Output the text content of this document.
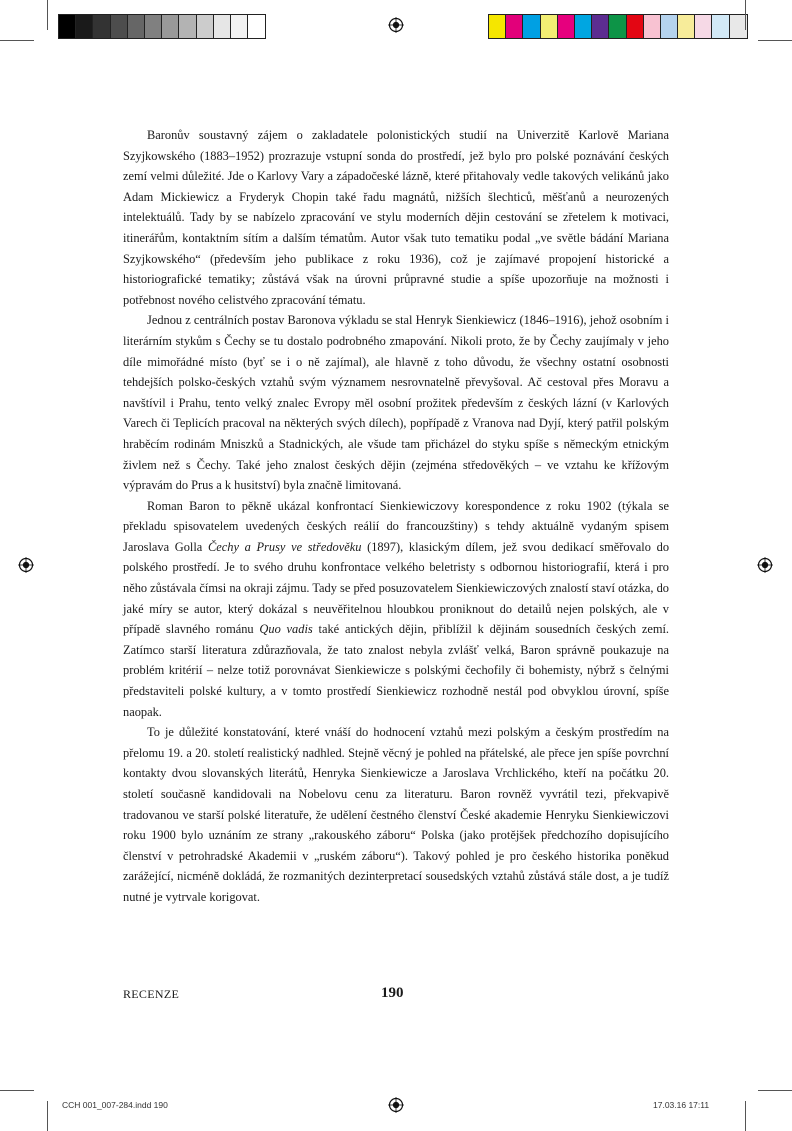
Baronův soustavný zájem o zakladatele polonistických studií na Univerzitě Karlově Mariana Szyjkowského (1883–1952) prozrazuje vstupní sonda do prostředí, jež bylo pro polské poznávání českých zemí velmi důležité. Jde o Karlovy Vary a západočeské lázně, které přitahovaly vedle takových velikánů jako Adam Mickiewicz a Fryderyk Chopin také řadu magnátů, nižších šlechticů, měšťanů a neurozených intelektuálů. Tady by se nabízelo zpracování ve stylu moderních dějin cestování se zřetelem k motivaci, itinerářům, kontaktním sítím a dalším tématům. Autor však tuto tematiku podal „ve světle bádání Mariana Szyjkowského“ (především jeho publikace z roku 1936), což je zajímavé propojení historické a historiografické tematiky; zůstává však na úrovni průpravné studie a spíše upozorňuje na možnosti i potřebnost nového celistvého zpracování tématu.

Jednou z centrálních postav Baronova výkladu se stal Henryk Sienkiewicz (1846–1916), jehož osobním i literárním stykům s Čechy se tu dostalo podrobného zmapování. Nikoli proto, že by Čechy zaujímaly v jeho díle mimořádné místo (byť se i o ně zajímal), ale hlavně z toho důvodu, že všechny ostatní osobnosti tehdejších polsko-českých vztahů svým významem nesrovnatelně převyšoval. Ač cestoval přes Moravu a navštívil i Prahu, tento velký znalec Evropy měl osobní prožitek především z českých lázní (v Karlových Varech či Teplicích pracoval na některých svých dílech), popřípadě z Vranova nad Dyjí, který patřil polským hraběcím rodinám Mniszků a Stadnických, ale všude tam přicházel do styku spíše s německým etnickým živlem než s Čechy. Také jeho znalost českých dějin (zejména středověkých – ve vztahu ke křížovým výpravám do Prus a k husitství) byla značně limitovaná.

Roman Baron to pěkně ukázal konfrontací Sienkiewiczovy korespondence z roku 1902 (týkala se překladu spisovatelem uvedených českých reálií do francouzštiny) s tehdy aktuálně vydaným spisem Jaroslava Golla Čechy a Prusy ve středověku (1897), klasickým dílem, jež svou dedikací směřovalo do polského prostředí. Je to svého druhu konfrontace velkého beletristy s odbornou historiografií, která i pro něho zůstávala čímsi na okraji zájmu. Tady se před posuzovatelem Sienkiewiczových znalostí staví otázka, do jaké míry se autor, který dokázal s neuvěřitelnou hloubkou proniknout do detailů nejen polských, ale v případě slavného románu Quo vadis také antických dějin, přiblížil k dějinám sousedních českých zemí. Zatímco starší literatura zdůrazňovala, že tato znalost nebyla zvlášť velká, Baron správně poukazuje na problém kritérií – nelze totiž porovnávat Sienkiewicze s polskými čechofily či bohemisty, nýbrž s čelnými představiteli polské kultury, a v tomto prostředí Sienkiewicz rozhodně nestál pod obvyklou úrovní, spíše naopak.

To je důležité konstatování, které vnáší do hodnocení vztahů mezi polským a českým prostředím na přelomu 19. a 20. století realistický nadhled. Stejně věcný je pohled na přátelské, ale přece jen spíše povrchní kontakty dvou slovanských literátů, Henryka Sienkiewicze a Jaroslava Vrchlického, kteří na počátku 20. století současně kandidovali na Nobelovu cenu za literaturu. Baron rovněž vyvrátil tezi, překvapivě tradovanou ve starší polské literatuře, že udělení čestného členství České akademie Henryku Sienkiewiczovi roku 1900 bylo uznáním ze strany „rakouského záboru“ Polska (jako protějšek předchozího dopisujícího členství v petrohradské Akademii v „ruském záboru“). Takový pohled je pro českého historika poněkud zarážející, nicméně dokládá, že rozmanitých dezinterpretací sousedských vztahů zůstává stále dost, a je tudíž nutné je vytrvale korigovat.

RECENZE	190
CCH 001_007-284.indd 190	17.03.16 17:11
